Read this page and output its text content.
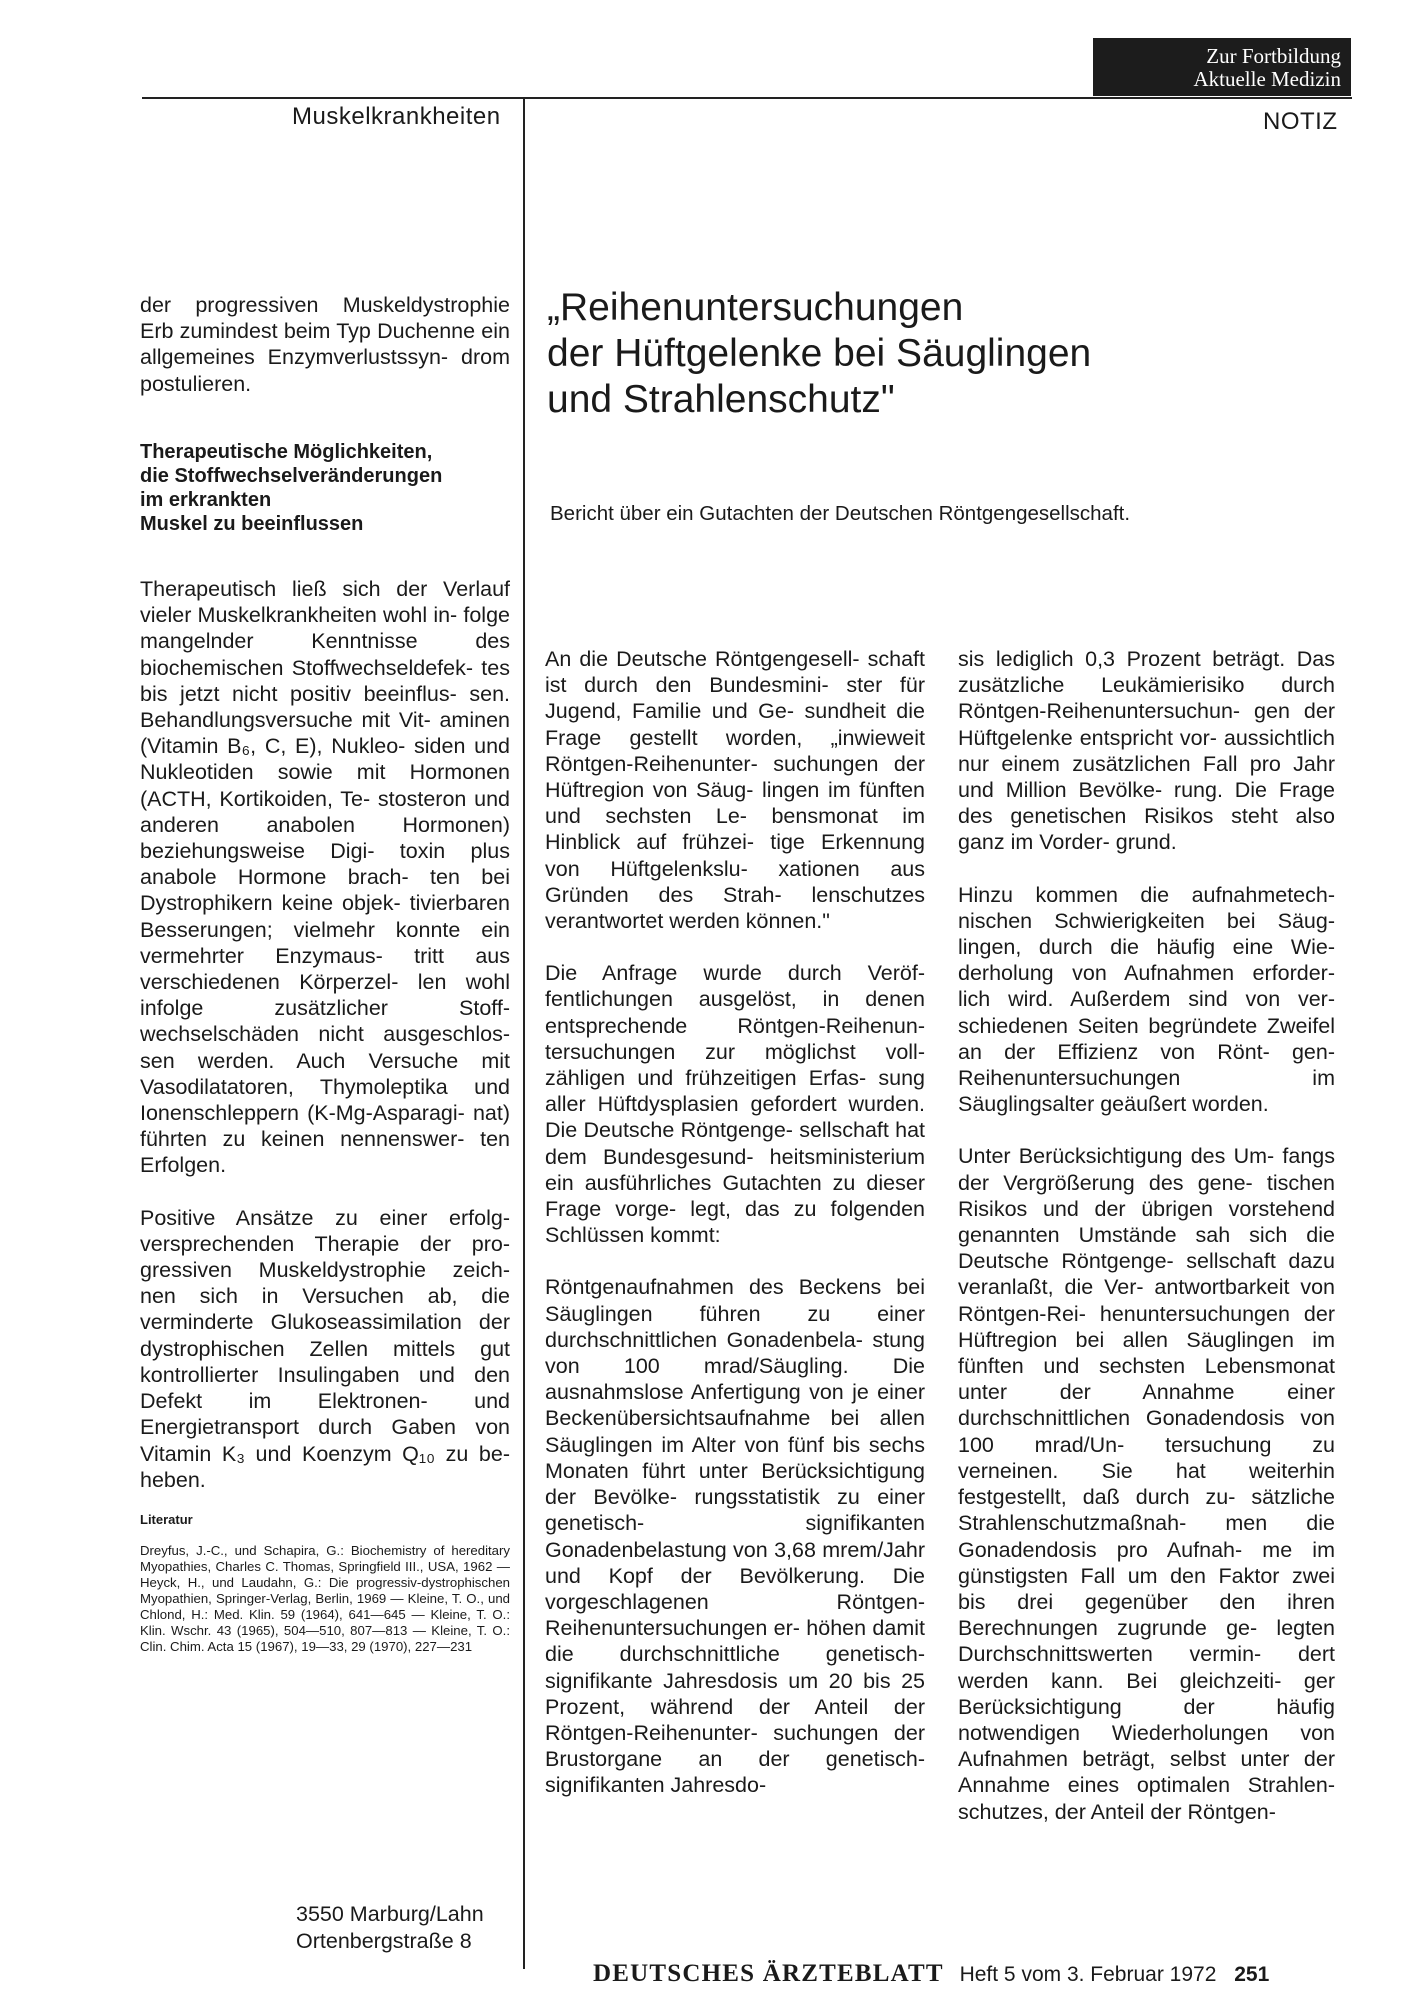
Zur Fortbildung
Aktuelle Medizin
Muskelkrankheiten	NOTIZ

der progressiven Muskeldystrophie Erb zumindest beim Typ Duchenne ein allgemeines Enzymverlustssyn- drom postulieren.

Therapeutische Möglichkeiten,
die Stoffwechselveränderungen
im erkrankten
Muskel zu beeinflussen

Therapeutisch ließ sich der Verlauf vieler Muskelkrankheiten wohl in- folge mangelnder Kenntnisse des biochemischen Stoffwechseldefek- tes bis jetzt nicht positiv beeinflus- sen. Behandlungsversuche mit Vit- aminen (Vitamin B₆, C, E), Nukleo- siden und Nukleotiden sowie mit Hormonen (ACTH, Kortikoiden, Te- stosteron und anderen anabolen Hormonen) beziehungsweise Digi- toxin plus anabole Hormone brach- ten bei Dystrophikern keine objek- tivierbaren Besserungen; vielmehr konnte ein vermehrter Enzymaus- tritt aus verschiedenen Körperzel- len wohl infolge zusätzlicher Stoff- wechselschäden nicht ausgeschlos- sen werden. Auch Versuche mit Vasodilatatoren, Thymoleptika und Ionenschleppern (K-Mg-Asparagi- nat) führten zu keinen nennenswer- ten Erfolgen.

Positive Ansätze zu einer erfolg- versprechenden Therapie der pro- gressiven Muskeldystrophie zeich- nen sich in Versuchen ab, die verminderte Glukoseassimilation der dystrophischen Zellen mittels gut kontrollierter Insulingaben und den Defekt im Elektronen- und Energietransport durch Gaben von Vitamin K₃ und Koenzym Q₁₀ zu be- heben.

Literatur
Dreyfus, J.-C., und Schapira, G.: Biochemistry of hereditary Myopathies, Charles C. Thomas, Springfield III., USA, 1962 — Heyck, H., und Laudahn, G.: Die progressiv-dystrophischen Myopathien, Springer-Verlag, Berlin, 1969 — Kleine, T. O., und Chlond, H.: Med. Klin. 59 (1964), 641—645 — Kleine, T. O.: Klin. Wschr. 43 (1965), 504—510, 807—813 — Kleine, T. O.: Clin. Chim. Acta 15 (1967), 19—33, 29 (1970), 227—231
3550 Marburg/Lahn
Ortenbergstraße 8
„Reihenuntersuchungen
der Hüftgelenke bei Säuglingen
und Strahlenschutz"
Bericht über ein Gutachten der Deutschen Röntgengesellschaft.

An die Deutsche Röntgengesell- schaft ist durch den Bundesmini- ster für Jugend, Familie und Ge- sundheit die Frage gestellt worden, „inwieweit Röntgen-Reihenunter- suchungen der Hüftregion von Säug- lingen im fünften und sechsten Le- bensmonat im Hinblick auf frühzei- tige Erkennung von Hüftgelenkslu- xationen aus Gründen des Strah- lenschutzes verantwortet werden können."

Die Anfrage wurde durch Veröf- fentlichungen ausgelöst, in denen entsprechende Röntgen-Reihenun- tersuchungen zur möglichst voll- zähligen und frühzeitigen Erfas- sung aller Hüftdysplasien gefordert wurden. Die Deutsche Röntgenge- sellschaft hat dem Bundesgesund- heitsministerium ein ausführliches Gutachten zu dieser Frage vorge- legt, das zu folgenden Schlüssen kommt:

Röntgenaufnahmen des Beckens bei Säuglingen führen zu einer durchschnittlichen Gonadenbela- stung von 100 mrad/Säugling. Die ausnahmslose Anfertigung von je einer Beckenübersichtsaufnahme bei allen Säuglingen im Alter von fünf bis sechs Monaten führt unter Berücksichtigung der Bevölke- rungsstatistik zu einer genetisch- signifikanten Gonadenbelastung von 3,68 mrem/Jahr und Kopf der Bevölkerung. Die vorgeschlagenen Röntgen-Reihenuntersuchungen er- höhen damit die durchschnittliche genetisch-signifikante Jahresdosis um 20 bis 25 Prozent, während der Anteil der Röntgen-Reihenunter- suchungen der Brustorgane an der genetisch-signifikanten Jahresdo-

sis lediglich 0,3 Prozent beträgt. Das zusätzliche Leukämierisiko durch Röntgen-Reihenuntersuchun- gen der Hüftgelenke entspricht vor- aussichtlich nur einem zusätzlichen Fall pro Jahr und Million Bevölke- rung. Die Frage des genetischen Risikos steht also ganz im Vorder- grund.

Hinzu kommen die aufnahmetech- nischen Schwierigkeiten bei Säug- lingen, durch die häufig eine Wie- derholung von Aufnahmen erforder- lich wird. Außerdem sind von ver- schiedenen Seiten begründete Zweifel an der Effizienz von Rönt- gen-Reihenuntersuchungen im Säuglingsalter geäußert worden.

Unter Berücksichtigung des Um- fangs der Vergrößerung des gene- tischen Risikos und der übrigen vorstehend genannten Umstände sah sich die Deutsche Röntgenge- sellschaft dazu veranlaßt, die Ver- antwortbarkeit von Röntgen-Rei- henuntersuchungen der Hüftregion bei allen Säuglingen im fünften und sechsten Lebensmonat unter der Annahme einer durchschnittlichen Gonadendosis von 100 mrad/Un- tersuchung zu verneinen. Sie hat weiterhin festgestellt, daß durch zu- sätzliche Strahlenschutzmaßnah- men die Gonadendosis pro Aufnah- me im günstigsten Fall um den Faktor zwei bis drei gegenüber den ihren Berechnungen zugrunde ge- legten Durchschnittswerten vermin- dert werden kann. Bei gleichzeiti- ger Berücksichtigung der häufig notwendigen Wiederholungen von Aufnahmen beträgt, selbst unter der Annahme eines optimalen Strahlen- schutzes, der Anteil der Röntgen-

DEUTSCHES ÄRZTEBLATT Heft 5 vom 3. Februar 1972 251
